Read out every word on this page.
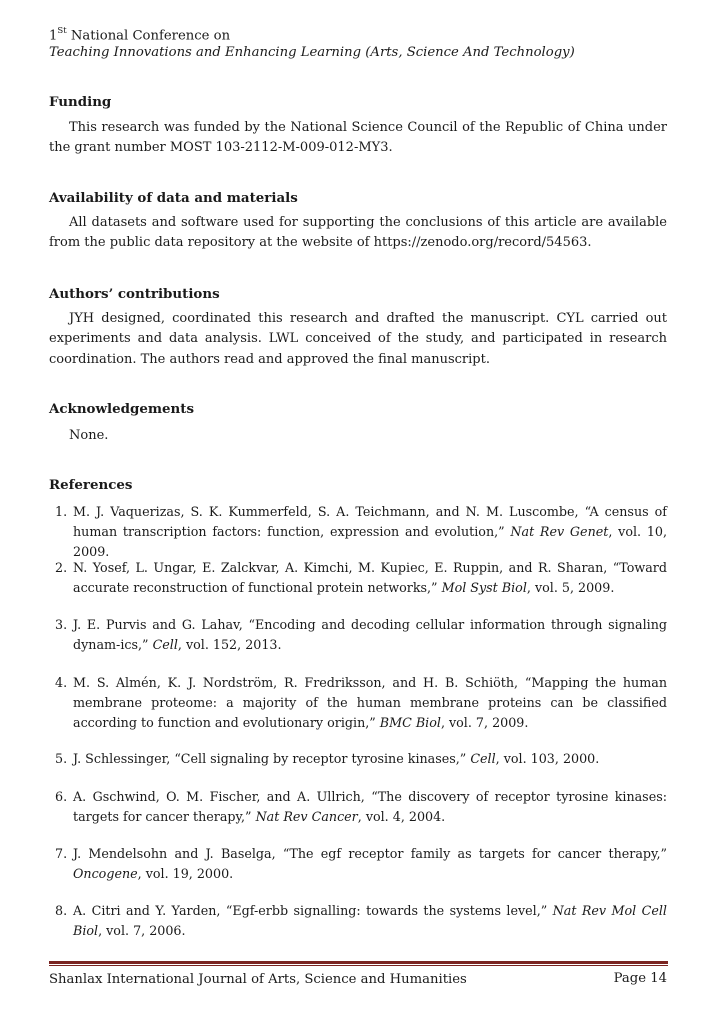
1St National Conference on
Teaching Innovations and Enhancing Learning (Arts, Science And Technology)
Funding
This research was funded by the National Science Council of the Republic of China under the grant number MOST 103-2112-M-009-012-MY3.
Availability of data and materials
All datasets and software used for supporting the conclusions of this article are available from the public data repository at the website of https://zenodo.org/record/54563.
Authors’ contributions
JYH designed, coordinated this research and drafted the manuscript. CYL carried out experiments and data analysis. LWL conceived of the study, and participated in research coordination. The authors read and approved the final manuscript.
Acknowledgements
None.
References
1. M. J. Vaquerizas, S. K. Kummerfeld, S. A. Teichmann, and N. M. Luscombe, “A census of human transcription factors: function, expression and evolution,” Nat Rev Genet, vol. 10, 2009.
2. N. Yosef, L. Ungar, E. Zalckvar, A. Kimchi, M. Kupiec, E. Ruppin, and R. Sharan, “Toward accurate reconstruction of functional protein networks,” Mol Syst Biol, vol. 5, 2009.
3. J. E. Purvis and G. Lahav, “Encoding and decoding cellular information through signaling dynam-ics,” Cell, vol. 152, 2013.
4. M. S. Almén, K. J. Nordström, R. Fredriksson, and H. B. Schiöth, “Mapping the human membrane proteome: a majority of the human membrane proteins can be classified according to function and evolutionary origin,” BMC Biol, vol. 7, 2009.
5. J. Schlessinger, “Cell signaling by receptor tyrosine kinases,” Cell, vol. 103, 2000.
6. A. Gschwind, O. M. Fischer, and A. Ullrich, “The discovery of receptor tyrosine kinases: targets for cancer therapy,” Nat Rev Cancer, vol. 4, 2004.
7. J. Mendelsohn and J. Baselga, “The egf receptor family as targets for cancer therapy,” Oncogene, vol. 19, 2000.
8. A. Citri and Y. Yarden, “Egf-erbb signalling: towards the systems level,” Nat Rev Mol Cell Biol, vol. 7, 2006.
Shanlax International Journal of Arts, Science and Humanities	Page 14
